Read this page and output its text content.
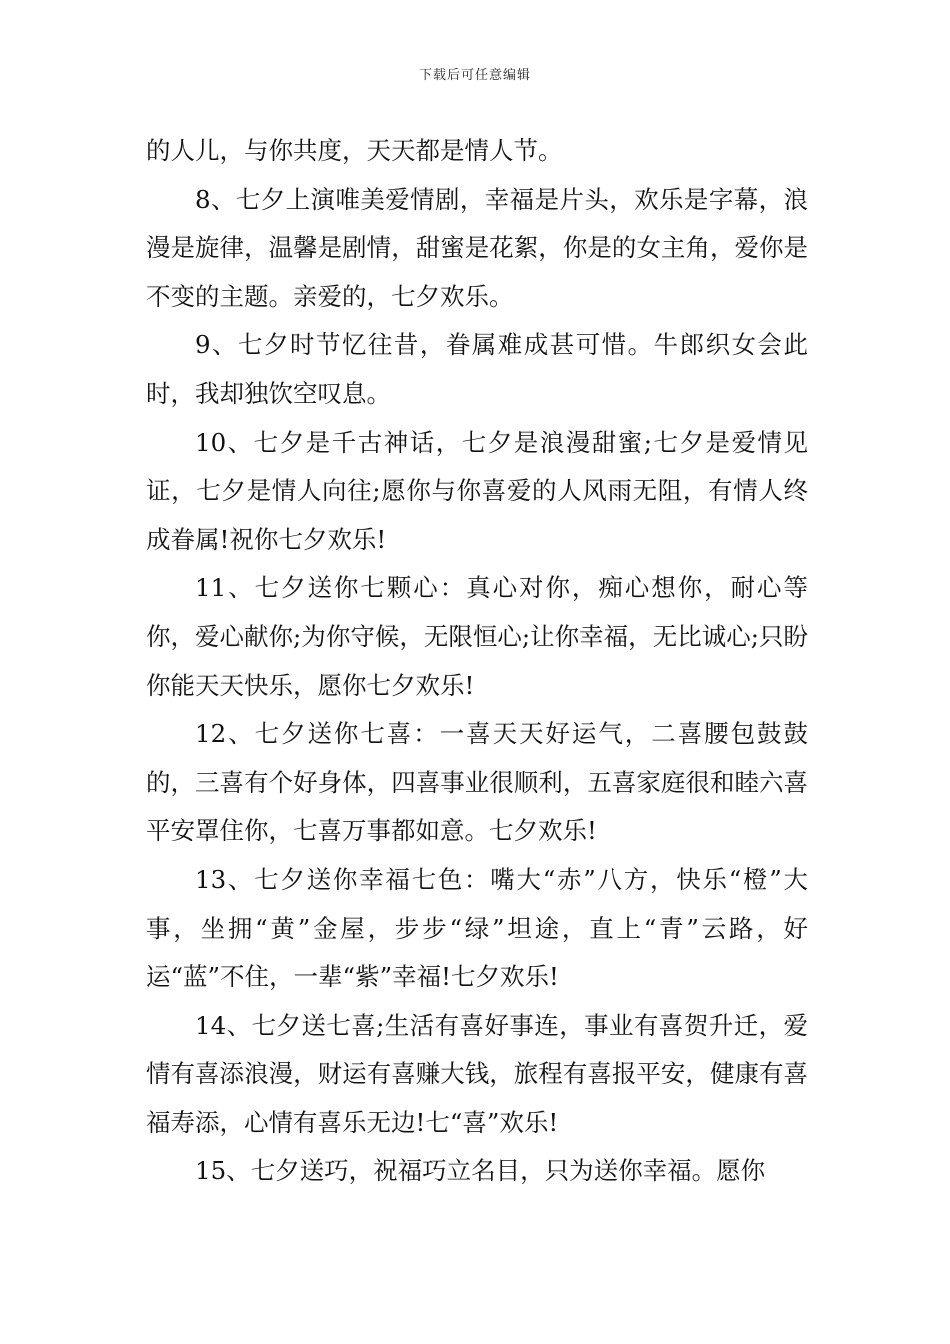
下载后可任意编辑

的人儿，与你共度，天天都是情人节。

8、七夕上演唯美爱情剧，幸福是片头，欢乐是字幕，浪漫是旋律，温馨是剧情，甜蜜是花絮，你是的女主角，爱你是不变的主题。亲爱的，七夕欢乐。

9、七夕时节忆往昔，眷属难成甚可惜。牛郎织女会此时，我却独饮空叹息。

10、七夕是千古神话，七夕是浪漫甜蜜;七夕是爱情见证，七夕是情人向往;愿你与你喜爱的人风雨无阻，有情人终成眷属!祝你七夕欢乐!

11、七夕送你七颗心：真心对你，痴心想你，耐心等你，爱心献你;为你守候，无限恒心;让你幸福，无比诚心;只盼你能天天快乐，愿你七夕欢乐!

12、七夕送你七喜：一喜天天好运气，二喜腰包鼓鼓的，三喜有个好身体，四喜事业很顺利，五喜家庭很和睦六喜平安罩住你，七喜万事都如意。七夕欢乐!

13、七夕送你幸福七色：嘴大“赤”八方，快乐“橙”大事，坐拥“黄”金屋，步步“绿”坦途，直上“青”云路，好运“蓝”不住，一辈“紫”幸福!七夕欢乐!

14、七夕送七喜;生活有喜好事连，事业有喜贺升迁，爱情有喜添浪漫，财运有喜赚大钱，旅程有喜报平安，健康有喜福寿添，心情有喜乐无边!七“喜”欢乐!

15、七夕送巧，祝福巧立名目，只为送你幸福。愿你
